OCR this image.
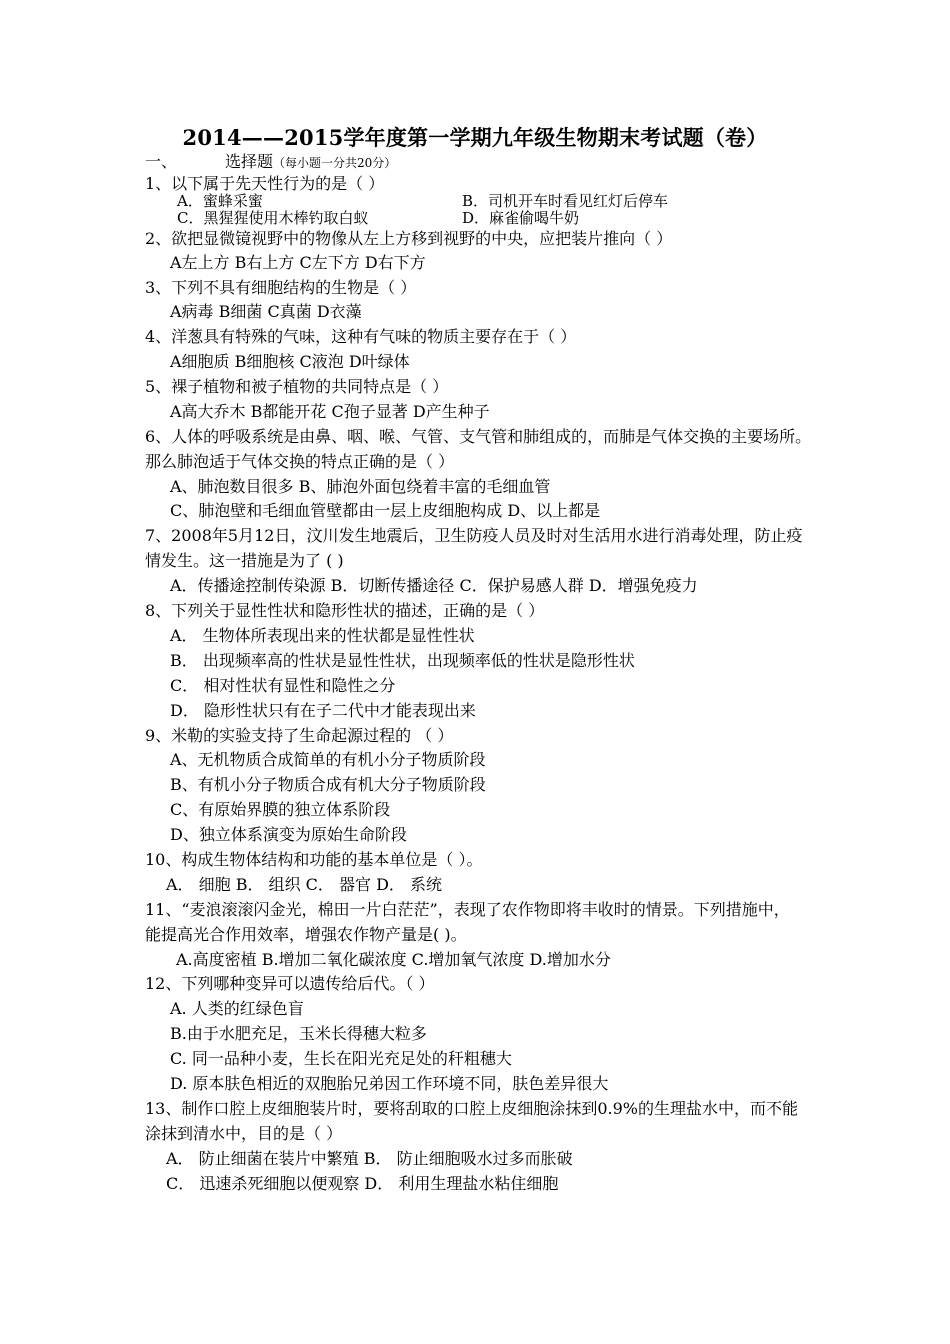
2014——2015学年度第一学期九年级生物期末考试题（卷）
一、	选择题（每小题一分共20分）
1、以下属于先天性行为的是（ ）
A．蜜蜂采蜜	B．司机开车时看见红灯后停车
C．黑猩猩使用木棒钓取白蚁	D．麻雀偷喝牛奶
2、欲把显微镜视野中的物像从左上方移到视野的中央，应把装片推向（ ）
A左上方 B右上方 C左下方 D右下方
3、下列不具有细胞结构的生物是（ ）
A病毒 B细菌 C真菌 D衣藻
4、洋葱具有特殊的气味，这种有气味的物质主要存在于（ ）
A细胞质 B细胞核 C液泡 D叶绿体
5、裸子植物和被子植物的共同特点是（ ）
A高大乔木 B都能开花 C孢子显著 D产生种子
6、人体的呼吸系统是由鼻、咽、喉、气管、支气管和肺组成的，而肺是气体交换的主要场所。
那么肺泡适于气体交换的特点正确的是（ ）
A、肺泡数目很多 B、肺泡外面包绕着丰富的毛细血管
C、肺泡壁和毛细血管壁都由一层上皮细胞构成 D、以上都是
7、2008年5月12日，汶川发生地震后，卫生防疫人员及时对生活用水进行消毒处理，防止疫
情发生。这一措施是为了 ( )
A．传播途控制传染源 B．切断传播途径 C．保护易感人群 D．增强免疫力
8、下列关于显性性状和隐形性状的描述，正确的是（ ）
A． 生物体所表现出来的性状都是显性性状
B． 出现频率高的性状是显性性状，出现频率低的性状是隐形性状
C． 相对性状有显性和隐性之分
D． 隐形性状只有在子二代中才能表现出来
9、米勒的实验支持了生命起源过程的 （ ）
A、无机物质合成简单的有机小分子物质阶段
B、有机小分子物质合成有机大分子物质阶段
C、有原始界膜的独立体系阶段
D、独立体系演变为原始生命阶段
10、构成生物体结构和功能的基本单位是（ ）。
A． 细胞 B． 组织 C． 器官 D． 系统
11、“麦浪滚滚闪金光，棉田一片白茫茫”，表现了农作物即将丰收时的情景。下列措施中，
能提高光合作用效率，增强农作物产量是( )。
A.高度密植 B.增加二氧化碳浓度 C.增加氧气浓度 D.增加水分
12、下列哪种变异可以遗传给后代。（ ）
A. 人类的红绿色盲
B.由于水肥充足，玉米长得穗大粒多
C. 同一品种小麦，生长在阳光充足处的秆粗穗大
D. 原本肤色相近的双胞胎兄弟因工作环境不同，肤色差异很大
13、制作口腔上皮细胞装片时，要将刮取的口腔上皮细胞涂抹到0.9%的生理盐水中，而不能
涂抹到清水中，目的是（ ）
A． 防止细菌在装片中繁殖 B． 防止细胞吸水过多而胀破
C． 迅速杀死细胞以便观察 D． 利用生理盐水粘住细胞
